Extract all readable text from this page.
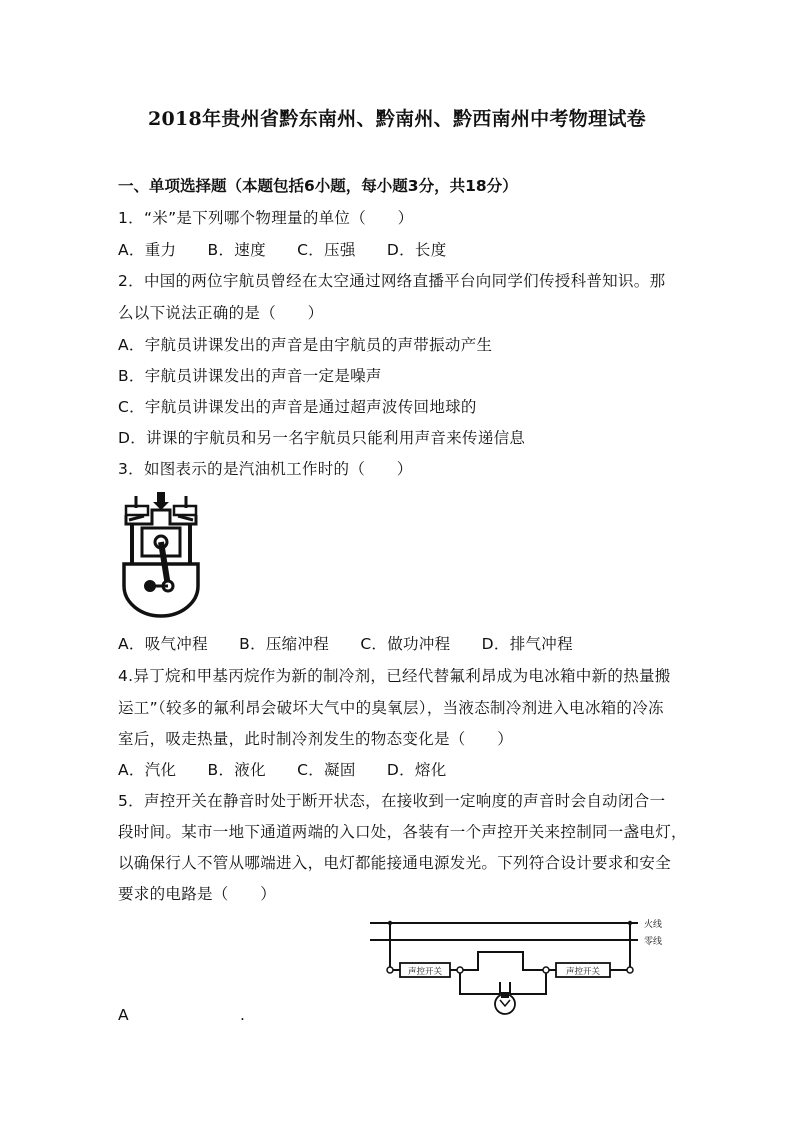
2018年贵州省黔东南州、黔南州、黔西南州中考物理试卷
一、单项选择题（本题包括6小题，每小题3分，共18分）
1．“米”是下列哪个物理量的单位（　　）
A．重力 B．速度 C．压强 D．长度
2．中国的两位宇航员曾经在太空通过网络直播平台向同学们传授科普知识。那
么以下说法正确的是（　　）
A．宇航员讲课发出的声音是由宇航员的声带振动产生
B．宇航员讲课发出的声音一定是噪声
C．宇航员讲课发出的声音是通过超声波传回地球的
D．讲课的宇航员和另一名宇航员只能利用声音来传递信息
3．如图表示的是汽油机工作时的（　　）
A．吸气冲程 B．压缩冲程 C．做功冲程 D．排气冲程
4.异丁烷和甲基丙烷作为新的制冷剂，已经代替氟利昂成为电冰箱中新的热量搬
运工”（较多的氟利昂会破坏大气中的臭氧层），当液态制冷剂进入电冰箱的冷冻
室后，吸走热量，此时制冷剂发生的物态变化是（　　）
A．汽化 B．液化 C．凝固 D．熔化
5．声控开关在静音时处于断开状态，在接收到一定响度的声音时会自动闭合一
段时间。某市一地下通道两端的入口处，各装有一个声控开关来控制同一盏电灯，
以确保行人不管从哪端进入，电灯都能接通电源发光。下列符合设计要求和安全
要求的电路是（　　）
火线
零线
声控开关	声控开关
A	.
